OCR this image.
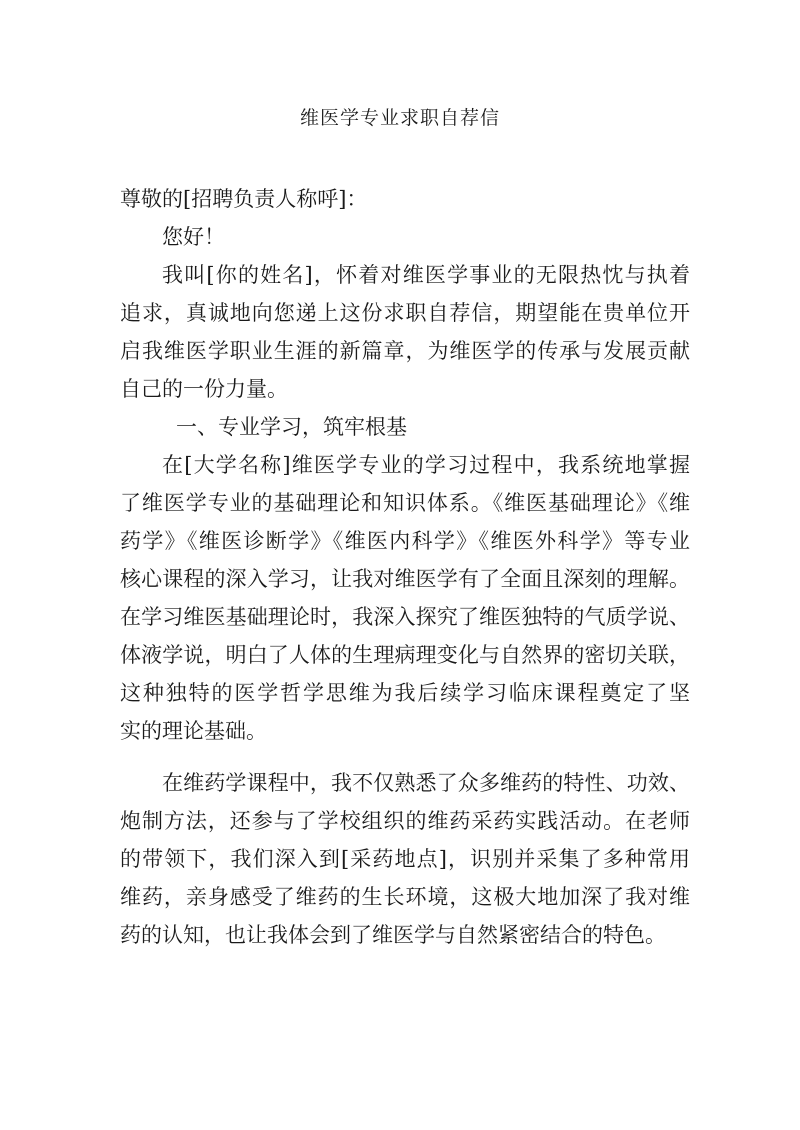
维医学专业求职自荐信
尊敬的[招聘负责人称呼]：
您好！
我叫[你的姓名]，怀着对维医学事业的无限热忱与执着
追求，真诚地向您递上这份求职自荐信，期望能在贵单位开
启我维医学职业生涯的新篇章，为维医学的传承与发展贡献
自己的一份力量。
一、专业学习，筑牢根基
在[大学名称]维医学专业的学习过程中，我系统地掌握
了维医学专业的基础理论和知识体系。《维医基础理论》《维
药学》《维医诊断学》《维医内科学》《维医外科学》等专业
核心课程的深入学习，让我对维医学有了全面且深刻的理解。
在学习维医基础理论时，我深入探究了维医独特的气质学说、
体液学说，明白了人体的生理病理变化与自然界的密切关联，
这种独特的医学哲学思维为我后续学习临床课程奠定了坚
实的理论基础。
在维药学课程中，我不仅熟悉了众多维药的特性、功效、
炮制方法，还参与了学校组织的维药采药实践活动。在老师
的带领下，我们深入到[采药地点]，识别并采集了多种常用
维药，亲身感受了维药的生长环境，这极大地加深了我对维
药的认知，也让我体会到了维医学与自然紧密结合的特色。
